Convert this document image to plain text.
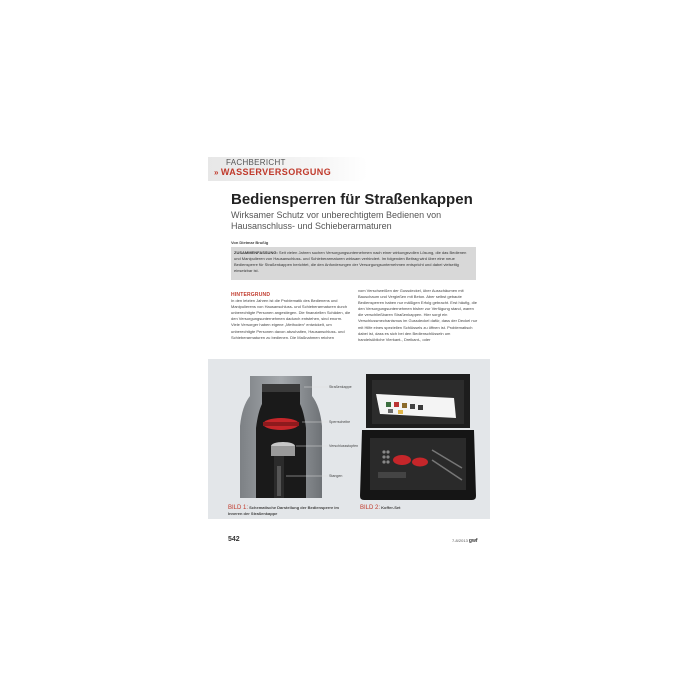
FACHBERICHT
» WASSERVERSORGUNG
Bediensperren für Straßenkappen
Wirksamer Schutz vor unberechtigtem Bedienen von Hausanschluss- und Schieberarmaturen
Von Dietmar Brußig
ZUSAMMENFASSUNG: Seit vielen Jahren suchen Versorgungsunternehmen nach einer wirkungsvollen Lösung, die das Bedienen und Manipulieren von Hausanschluss- und Schieberarmaturen wirksam verhindert. Im folgenden Beitrag wird über eine neue Bediensperre für Straßenkappen berichtet, die den Anforderungen der Versorgungsunternehmen entspricht und dabei vielseitig einsetzbar ist.
HINTERGRUND
In den letzten Jahren ist die Problematik des Bedienens und Manipulierens von Hausanschluss- und Schieberarmaturen durch unberechtigte Personen angestiegen. Die finanziellen Schäden, die den Versorgungsunternehmen dadurch entstehen, sind enorm. Viele Versorger haben eigene „Methoden“ entwickelt, um unberechtigte Personen davon abzuhalten, Hausanschluss- und Schieberarmaturen zu bedienen. Die Maßnahmen reichen
vom Verschweißen der Gussdeckel, über Ausschäumen mit Bauschaum und Vergießen mit Beton. Aber selbst gebaute Bediensperren haben nur mäßigen Erfolg gebracht. Erst häufig, die den Versorgungsunternehmen bisher zur Verfügung stand, waren die verschließbaren Straßenkappen. Hier sorgt ein Verschlussmechanismus im Gussdeckel dafür, dass der Deckel nur mit Hilfe eines speziellen Schlüssels zu öffnen ist. Problematisch dabei ist, dass es sich bei den Bedienschlüsseln um handelsübliche Vierkant-, Dreikant-, oder
Straßenkappe
Sperrscheibe
Verschlussstopfen
Stangen
BILD 1: Schematische Darstellung der Bediensperre im Inneren der Straßenkappe
BILD 2: Koffer-Set
542	7-8/2013 gwf
